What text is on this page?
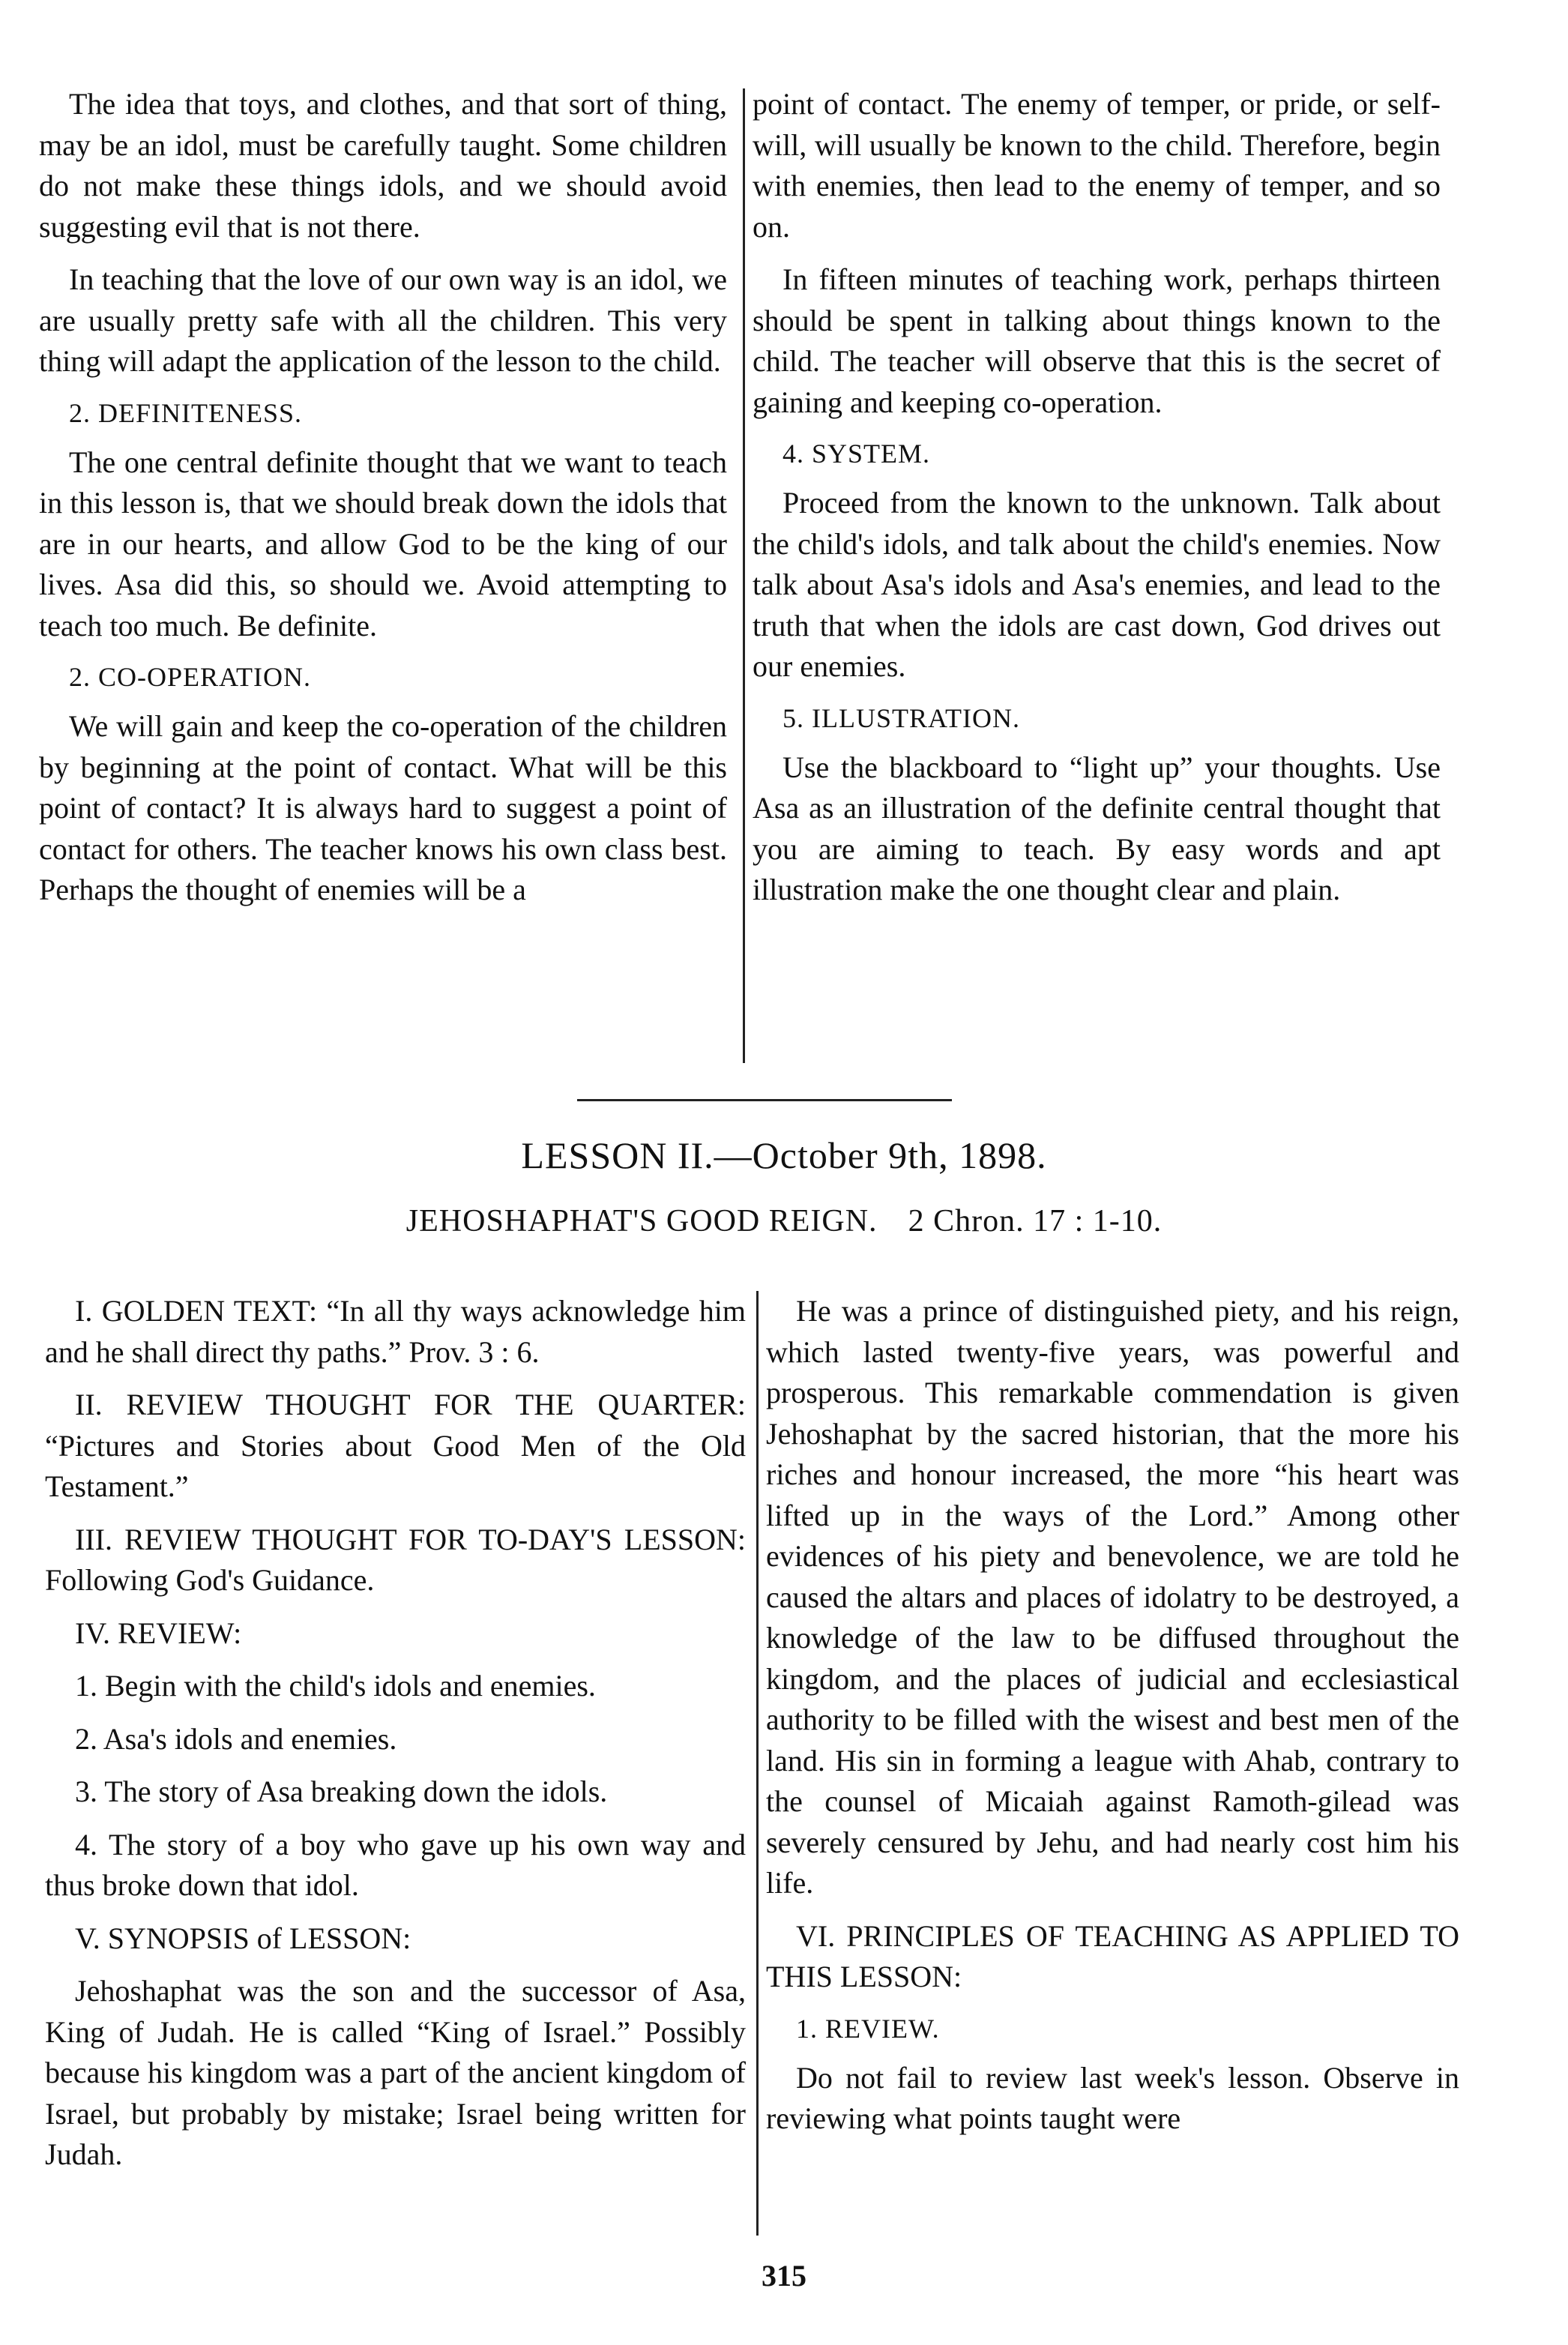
The idea that toys, and clothes, and that sort of thing, may be an idol, must be carefully taught. Some children do not make these things idols, and we should avoid suggesting evil that is not there.

In teaching that the love of our own way is an idol, we are usually pretty safe with all the children. This very thing will adapt the application of the lesson to the child.

2. DEFINITENESS.

The one central definite thought that we want to teach in this lesson is, that we should break down the idols that are in our hearts, and allow God to be the king of our lives. Asa did this, so should we. Avoid attempting to teach too much. Be definite.

2. CO-OPERATION.

We will gain and keep the co-operation of the children by beginning at the point of contact. What will be this point of contact? It is always hard to suggest a point of contact for others. The teacher knows his own class best. Perhaps the thought of enemies will be a

point of contact. The enemy of temper, or pride, or self-will, will usually be known to the child. Therefore, begin with enemies, then lead to the enemy of temper, and so on.

In fifteen minutes of teaching work, perhaps thirteen should be spent in talking about things known to the child. The teacher will observe that this is the secret of gaining and keeping co-operation.

4. SYSTEM.

Proceed from the known to the unknown. Talk about the child's idols, and talk about the child's enemies. Now talk about Asa's idols and Asa's enemies, and lead to the truth that when the idols are cast down, God drives out our enemies.

5. ILLUSTRATION.

Use the blackboard to “light up” your thoughts. Use Asa as an illustration of the definite central thought that you are aiming to teach. By easy words and apt illustration make the one thought clear and plain.

LESSON II.—October 9th, 1898.
JEHOSHAPHAT'S GOOD REIGN. 2 Chron. 17 : 1-10.

I. GOLDEN TEXT: “In all thy ways acknowledge him and he shall direct thy paths.” Prov. 3 : 6.

II. REVIEW THOUGHT FOR THE QUARTER: “Pictures and Stories about Good Men of the Old Testament.”

III. REVIEW THOUGHT FOR TO-DAY'S LESSON: Following God's Guidance.

IV. REVIEW:

1. Begin with the child's idols and enemies.

2. Asa's idols and enemies.

3. The story of Asa breaking down the idols.

4. The story of a boy who gave up his own way and thus broke down that idol.

V. SYNOPSIS of LESSON:

Jehoshaphat was the son and the successor of Asa, King of Judah. He is called “King of Israel.” Possibly because his kingdom was a part of the ancient kingdom of Israel, but probably by mistake; Israel being written for Judah.

He was a prince of distinguished piety, and his reign, which lasted twenty-five years, was powerful and prosperous. This remarkable commendation is given Jehoshaphat by the sacred historian, that the more his riches and honour increased, the more “his heart was lifted up in the ways of the Lord.” Among other evidences of his piety and benevolence, we are told he caused the altars and places of idolatry to be destroyed, a knowledge of the law to be diffused throughout the kingdom, and the places of judicial and ecclesiastical authority to be filled with the wisest and best men of the land. His sin in forming a league with Ahab, contrary to the counsel of Micaiah against Ramoth-gilead was severely censured by Jehu, and had nearly cost him his life.

VI. PRINCIPLES OF TEACHING AS APPLIED TO THIS LESSON:

1. REVIEW.

Do not fail to review last week's lesson. Observe in reviewing what points taught were

315
